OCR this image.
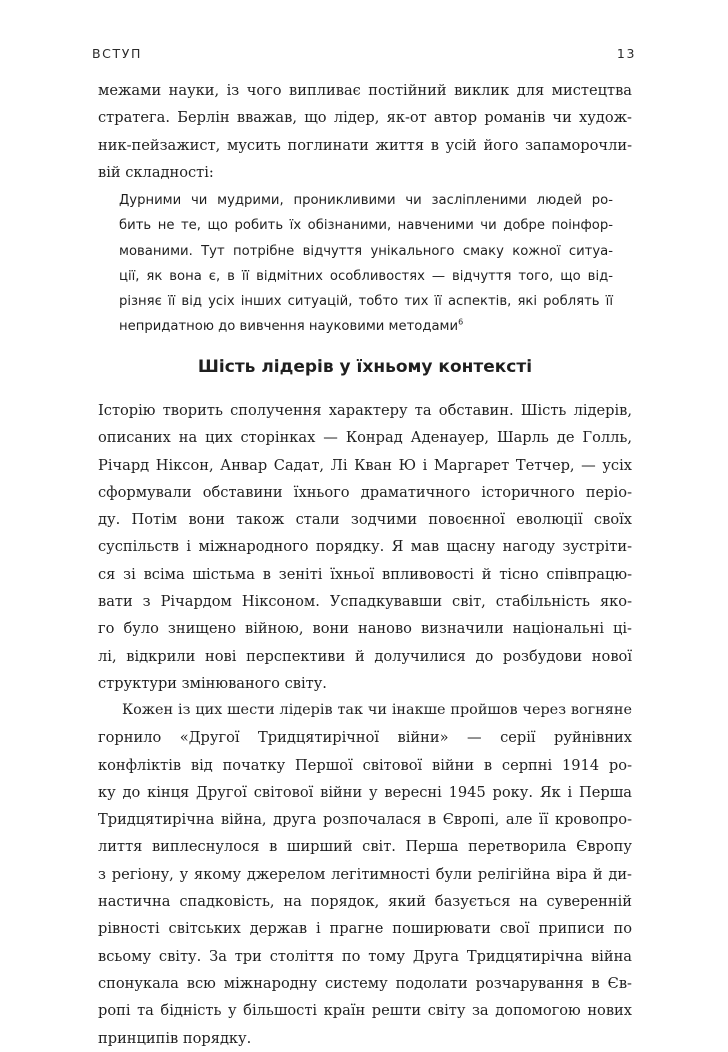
ВСТУП	13
межами науки, із чого випливає постійний виклик для мистецтва
стратега. Берлін вважав, що лідер, як-от автор романів чи худож-
ник-пейзажист, мусить поглинати життя в усій його запаморочли-
вій складності:
Дурними чи мудрими, проникливими чи засліпленими людей ро-
бить не те, що робить їх обізнаними, навченими чи добре поінфор-
мованими. Тут потрібне відчуття унікального смаку кожної ситуа-
ції, як вона є, в її відмітних особливостях — відчуття того, що від-
різняє її від усіх інших ситуацій, тобто тих її аспектів, які роблять її
непридатною до вивчення науковими методами$^6$
Шість лідерів у їхньому контексті
Історію творить сполучення характеру та обставин. Шість лідерів,
описаних на цих сторінках — Конрад Аденауер, Шарль де Голль,
Річард Ніксон, Анвар Садат, Лі Кван Ю і Маргарет Тетчер, — усіх
сформували обставини їхнього драматичного історичного періо-
ду. Потім вони також стали зодчими повоєнної еволюції своїх
суспільств і міжнародного порядку. Я мав щасну нагоду зустріти-
ся зі всіма шістьма в зеніті їхньої впливовості й тісно співпрацю-
вати з Річардом Ніксоном. Успадкувавши світ, стабільність яко-
го було знищено війною, вони наново визначили національні ці-
лі, відкрили нові перспективи й долучилися до розбудови нової
структури змінюваного світу.
Кожен із цих шести лідерів так чи інакше пройшов через вогняне
горнило «Другої Тридцятирічної війни» — серії руйнівних
конфліктів від початку Першої світової війни в серпні 1914 ро-
ку до кінця Другої світової війни у вересні 1945 року. Як і Перша
Тридцятирічна війна, друга розпочалася в Європі, але її кровопро-
лиття виплеснулося в ширший світ. Перша перетворила Європу
з регіону, у якому джерелом легітимності були релігійна віра й ди-
настична спадковість, на порядок, який базується на суверенній
рівності світських держав і прагне поширювати свої приписи по
всьому світу. За три століття по тому Друга Тридцятирічна війна
спонукала всю міжнародну систему подолати розчарування в Єв-
ропі та бідність у більшості країн решти світу за допомогою нових
принципів порядку.
